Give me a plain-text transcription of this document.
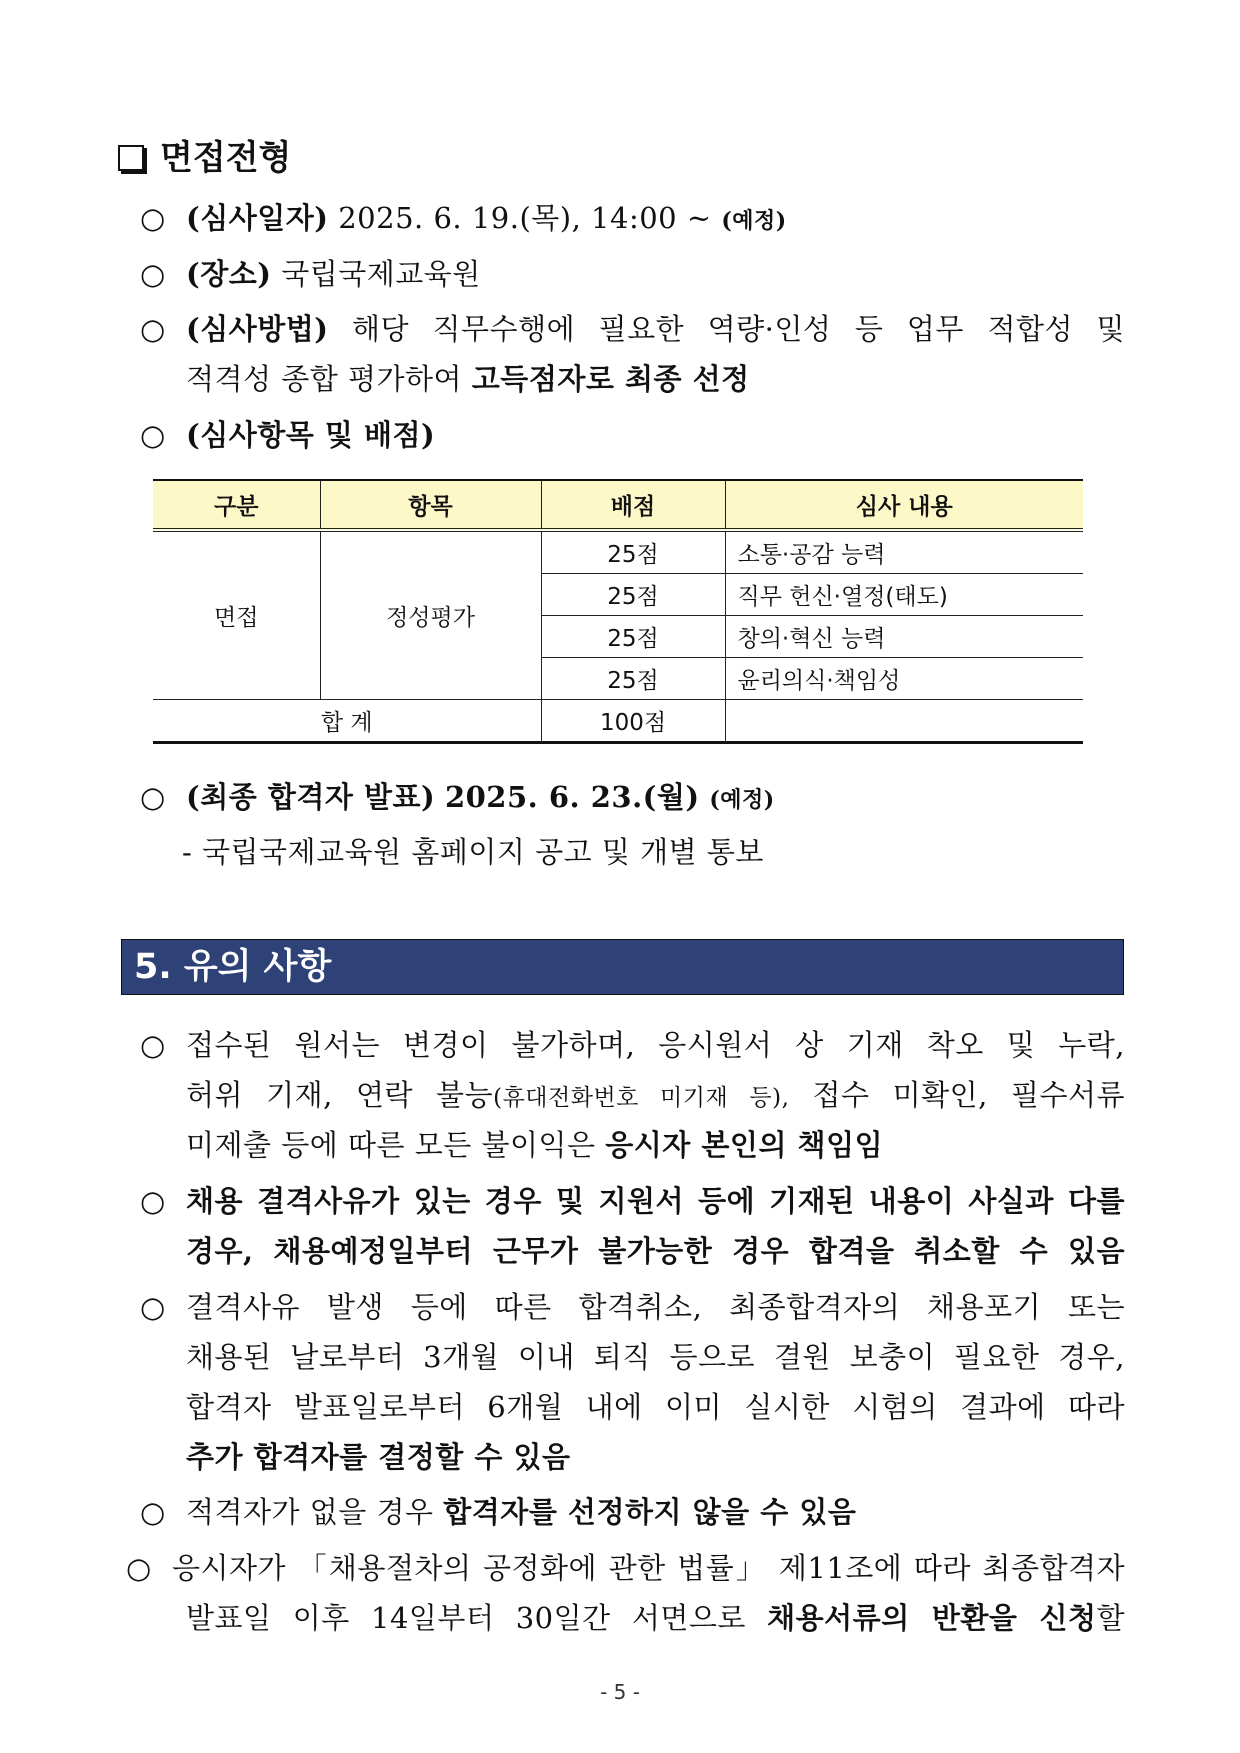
면접전형
○ (심사일자) 2025. 6. 19.(목), 14:00 ~ (예정)
○ (장소) 국립국제교육원
○ (심사방법) 해당 직무수행에 필요한 역량·인성 등 업무 적합성 및
적격성 종합 평가하여 고득점자로 최종 선정
○ (심사항목 및 배점)
구분	항목	배점	심사 내용
면접	정성평가	25점	소통·공감 능력
		25점	직무 헌신·열정(태도)
		25점	창의·혁신 능력
		25점	윤리의식·책임성
합 계		100점	
○ (최종 합격자 발표) 2025. 6. 23.(월) (예정)
- 국립국제교육원 홈페이지 공고 및 개별 통보
5. 유의 사항
○ 접수된 원서는 변경이 불가하며, 응시원서 상 기재 착오 및 누락,
허위 기재, 연락 불능(휴대전화번호 미기재 등), 접수 미확인, 필수서류
미제출 등에 따른 모든 불이익은 응시자 본인의 책임임
○ 채용 결격사유가 있는 경우 및 지원서 등에 기재된 내용이 사실과 다를
경우, 채용예정일부터 근무가 불가능한 경우 합격을 취소할 수 있음
○ 결격사유 발생 등에 따른 합격취소, 최종합격자의 채용포기 또는
채용된 날로부터 3개월 이내 퇴직 등으로 결원 보충이 필요한 경우,
합격자 발표일로부터 6개월 내에 이미 실시한 시험의 결과에 따라
추가 합격자를 결정할 수 있음
○ 적격자가 없을 경우 합격자를 선정하지 않을 수 있음
○ 응시자가 「채용절차의 공정화에 관한 법률」 제11조에 따라 최종합격자
발표일 이후 14일부터 30일간 서면으로 채용서류의 반환을 신청할
- 5 -
